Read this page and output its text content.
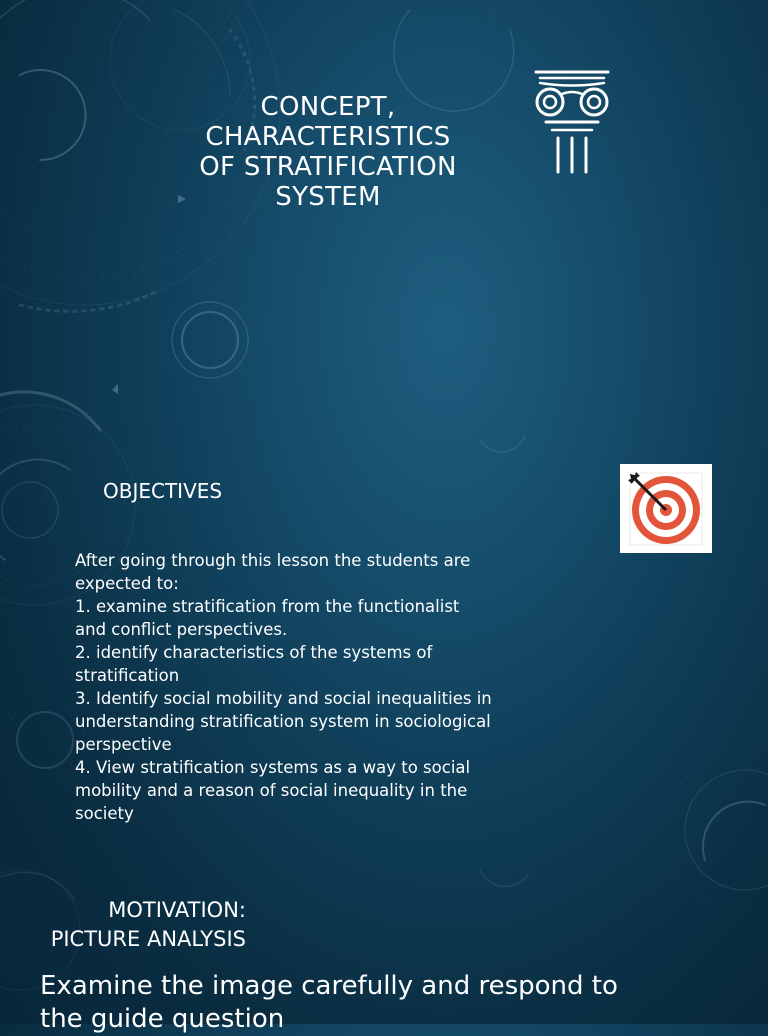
CONCEPT,
CHARACTERISTICS
OF STRATIFICATION
SYSTEM
OBJECTIVES

After going through this lesson the students are
expected to:

1. examine stratification from the functionalist
and conflict perspectives.

2. identify characteristics of the systems of
stratification

3. Identify social mobility and social inequalities in
understanding stratification system in sociological
perspective

4. View stratification systems as a way to social
mobility and a reason of social inequality in the
society

MOTIVATION:
PICTURE ANALYSIS
Examine the image carefully and respond to
the guide question
